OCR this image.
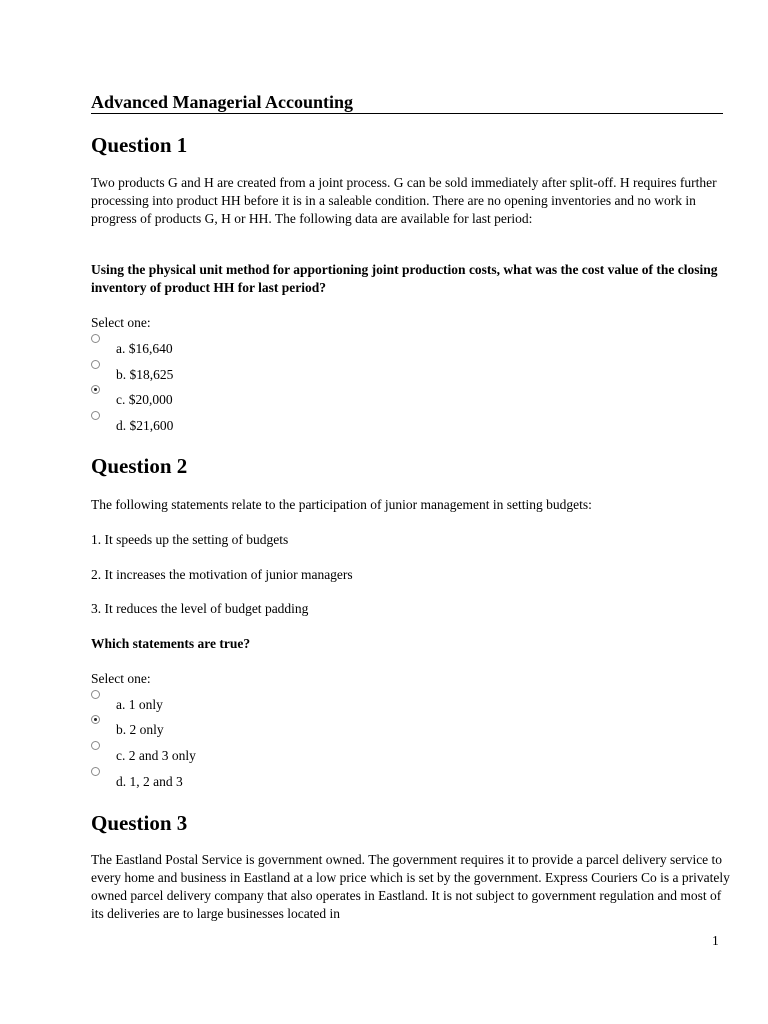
Advanced Managerial Accounting
Question 1
Two products G and H are created from a joint process. G can be sold immediately after split-off. H requires further processing into product HH before it is in a saleable condition. There are no opening inventories and no work in progress of products G, H or HH. The following data are available for last period:
Using the physical unit method for apportioning joint production costs, what was the cost value of the closing inventory of product HH for last period?
Select one:
a. $16,640
b. $18,625
c. $20,000
d. $21,600
Question 2
The following statements relate to the participation of junior management in setting budgets:
1. It speeds up the setting of budgets
2. It increases the motivation of junior managers
3. It reduces the level of budget padding
Which statements are true?
Select one:
a. 1 only
b. 2 only
c. 2 and 3 only
d. 1, 2 and 3
Question 3
The Eastland Postal Service is government owned. The government requires it to provide a parcel delivery service to every home and business in Eastland at a low price which is set by the government. Express Couriers Co is a privately owned parcel delivery company that also operates in Eastland. It is not subject to government regulation and most of its deliveries are to large businesses located in
1
